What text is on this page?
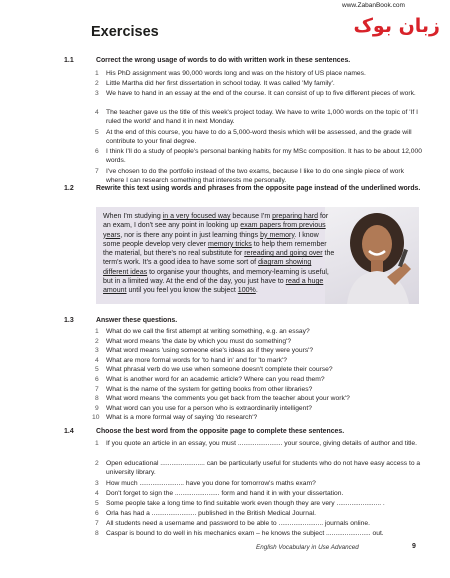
www.ZabanBook.com
زبان بوک
Exercises
1.1	Correct the wrong usage of words to do with written work in these sentences.
1	His PhD assignment was 90,000 words long and was on the history of US place names.
2	Little Martha did her first dissertation in school today. It was called 'My family'.
3	We have to hand in an essay at the end of the course. It can consist of up to five different pieces of work.
4	The teacher gave us the title of this week's project today. We have to write 1,000 words on the topic of 'If I ruled the world' and hand it in next Monday.
5	At the end of this course, you have to do a 5,000-word thesis which will be assessed, and the grade will contribute to your final degree.
6	I think I'll do a study of people's personal banking habits for my MSc composition. It has to be about 12,000 words.
7	I've chosen to do the portfolio instead of the two exams, because I like to do one single piece of work where I can research something that interests me personally.
1.2	Rewrite this text using words and phrases from the opposite page instead of the underlined words.
When I'm studying in a very focused way because I'm preparing hard for an exam, I don't see any point in looking up exam papers from previous years, nor is there any point in just learning things by memory. I know some people develop very clever memory tricks to help them remember the material, but there's no real substitute for rereading and going over the term's work. It's a good idea to have some sort of diagram showing different ideas to organise your thoughts, and memory-learning is useful, but in a limited way. At the end of the day, you just have to read a huge amount until you feel you know the subject 100%.
1.3	Answer these questions.
1	What do we call the first attempt at writing something, e.g. an essay?
2	What word means 'the date by which you must do something'?
3	What word means 'using someone else's ideas as if they were yours'?
4	What are more formal words for 'to hand in' and for 'to mark'?
5	What phrasal verb do we use when someone doesn't complete their course?
6	What is another word for an academic article? Where can you read them?
7	What is the name of the system for getting books from other libraries?
8	What word means 'the comments you get back from the teacher about your work'?
9	What word can you use for a person who is extraordinarily intelligent?
10 What is a more formal way of saying 'do research'?
1.4	Choose the best word from the opposite page to complete these sentences.
1	If you quote an article in an essay, you must ........................ your source, giving details of author and title.
2	Open educational ........................ can be particularly useful for students who do not have easy access to a university library.
3	How much ........................ have you done for tomorrow's maths exam?
4	Don't forget to sign the ........................ form and hand it in with your dissertation.
5	Some people take a long time to find suitable work even though they are very ........................ .
6	Orla has had a ........................ published in the British Medical Journal.
7	All students need a username and password to be able to ........................ journals online.
8	Caspar is bound to do well in his mechanics exam – he knows the subject ........................ out.
English Vocabulary in Use Advanced	9
